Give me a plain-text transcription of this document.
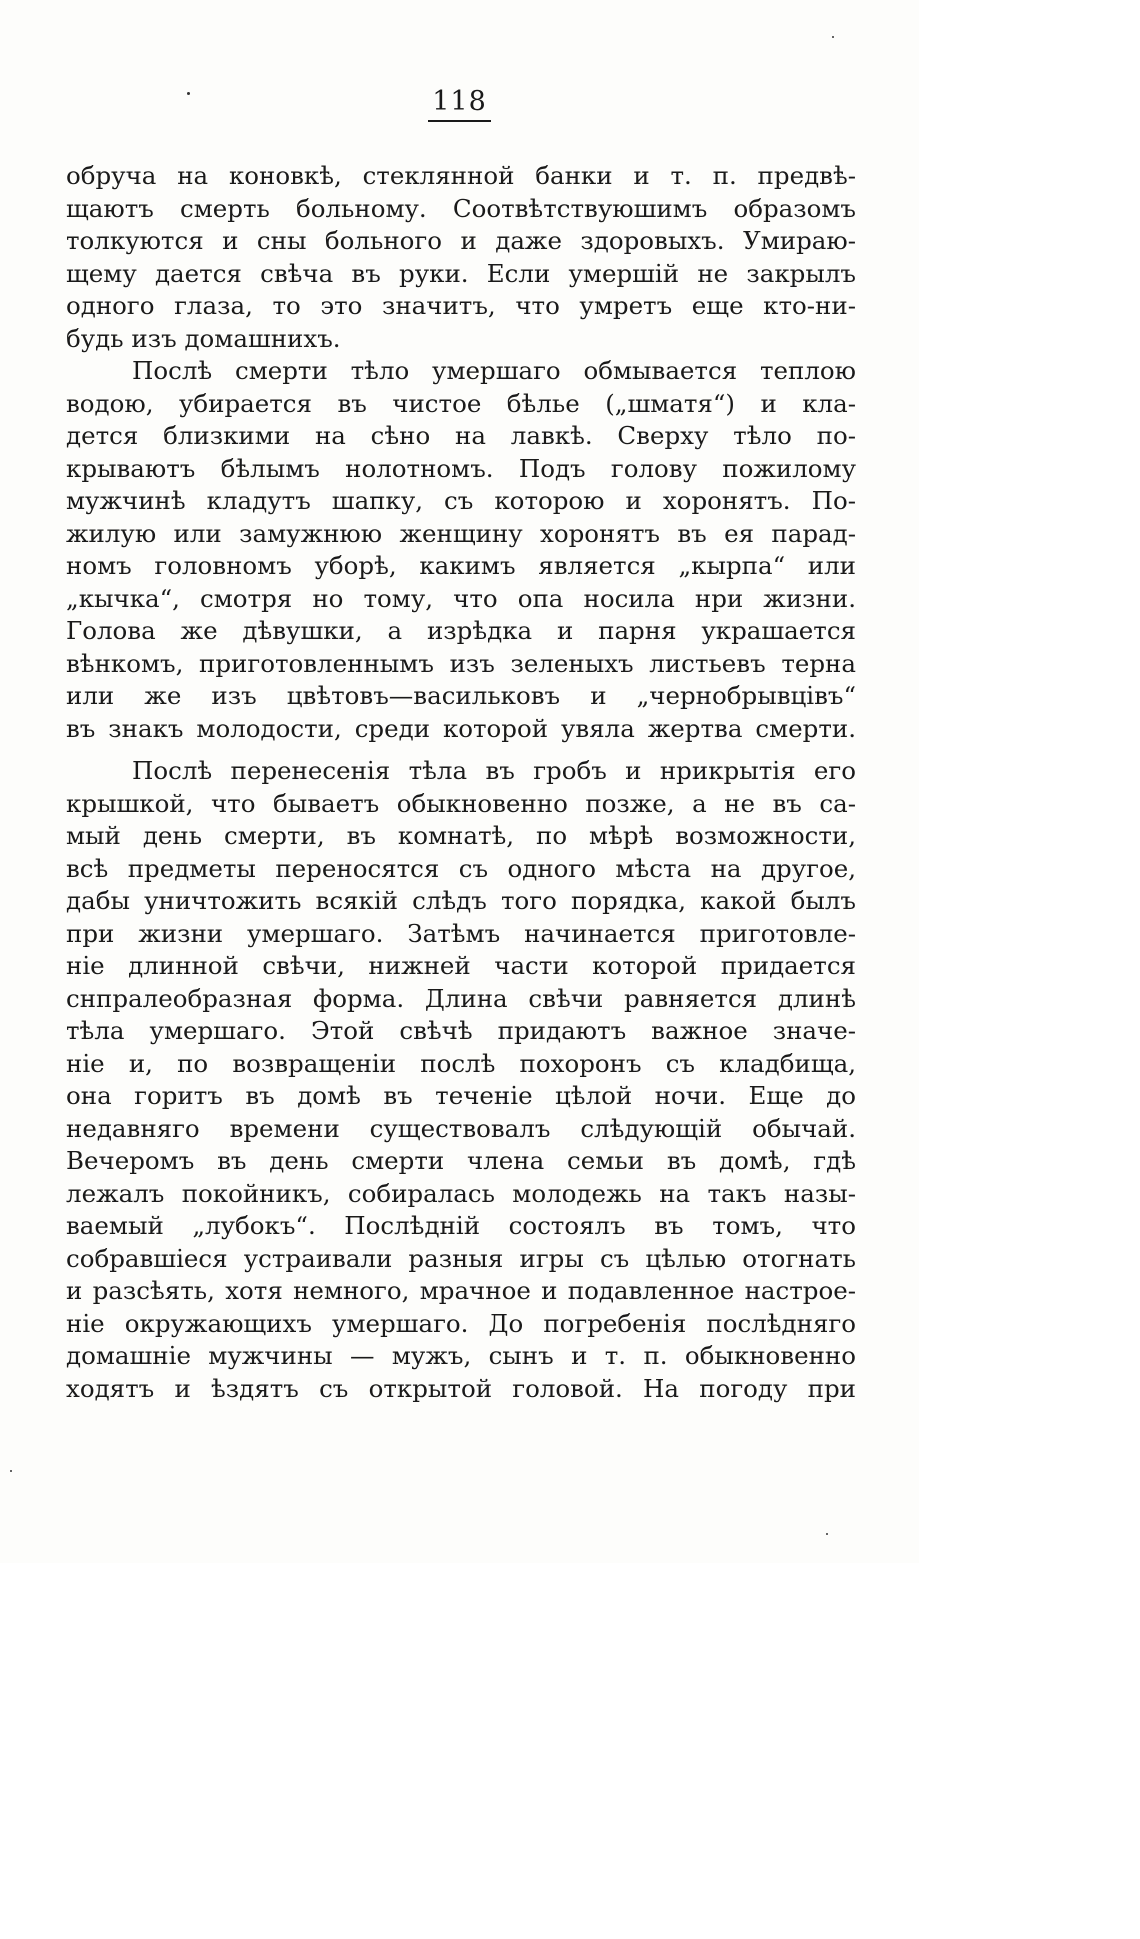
118
обруча на коновкѣ, стеклянной банки и т. п. предвѣ-
щаютъ смерть больному. Соотвѣтствуюшимъ образомъ
толкуются и сны больного и даже здоровыхъ. Умираю-
щему дается свѣча въ руки. Если умершій не закрылъ
одного глаза, то это значитъ, что умретъ еще кто-ни-
будь изъ домашнихъ.
Послѣ смерти тѣло умершаго обмывается теплою
водою, убирается въ чистое бѣлье („шматя“) и кла-
дется близкими на сѣно на лавкѣ. Сверху тѣло по-
крываютъ бѣлымъ нолотномъ. Подъ голову пожилому
мужчинѣ кладутъ шапку, съ которою и хоронятъ. По-
жилую или замужнюю женщину хоронятъ въ ея парад-
номъ головномъ уборѣ, какимъ является „кырпа“ или
„кычка“, смотря но тому, что опа носила нри жизни.
Голова же дѣвушки, а изрѣдка и парня украшается
вѣнкомъ, приготовленнымъ изъ зеленыхъ листьевъ терна
или же изъ цвѣтовъ—васильковъ и „чернобрывцівъ“
въ знакъ молодости, среди которой увяла жертва смерти.
Послѣ перенесенія тѣла въ гробъ и нрикрытія его
крышкой, что бываетъ обыкновенно позже, а не въ са-
мый день смерти, въ комнатѣ, по мѣрѣ возможности,
всѣ предметы переносятся съ одного мѣста на другое,
дабы уничтожить всякій слѣдъ того порядка, какой былъ
при жизни умершаго. Затѣмъ начинается приготовле-
ніе длинной свѣчи, нижней части которой придается
снпралеобразная форма. Длина свѣчи равняется длинѣ
тѣла умершаго. Этой свѣчѣ придаютъ важное значе-
ніе и, по возвращеніи послѣ похоронъ съ кладбища,
она горитъ въ домѣ въ теченіе цѣлой ночи. Еще до
недавняго времени существовалъ слѣдующій обычай.
Вечеромъ въ день смерти члена семьи въ домѣ, гдѣ
лежалъ покойникъ, собиралась молодежь на такъ назы-
ваемый „лубокъ“. Послѣдній состоялъ въ томъ, что
собравшіеся устраивали разныя игры съ цѣлью отогнать
и разсѣять, хотя немного, мрачное и подавленное настрое-
ніе окружающихъ умершаго. До погребенія послѣдняго
домашніе мужчины — мужъ, сынъ и т. п. обыкновенно
ходятъ и ѣздятъ съ открытой головой. На погоду при
